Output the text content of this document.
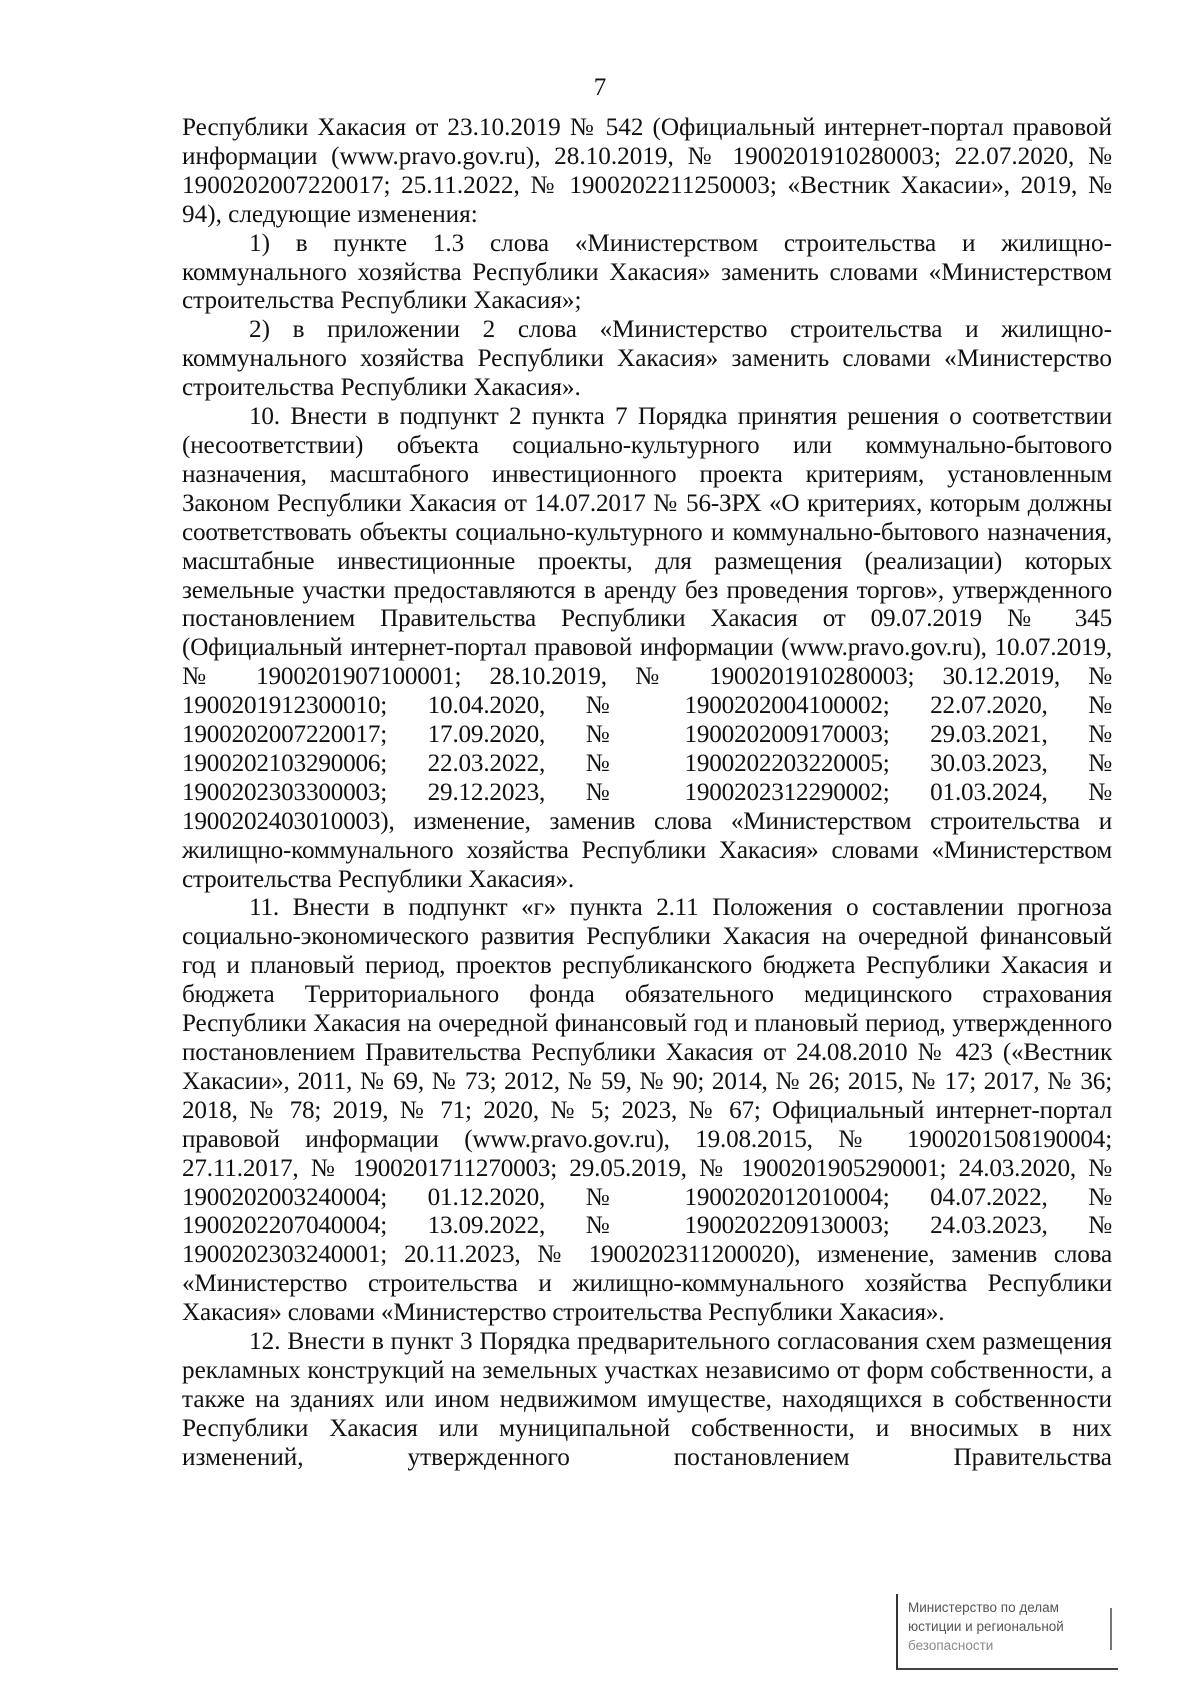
7

Республики Хакасия от 23.10.2019 № 542 (Официальный интернет-портал правовой информации (www.pravo.gov.ru), 28.10.2019, № 1900201910280003; 22.07.2020, № 1900202007220017; 25.11.2022, № 1900202211250003; «Вестник Хакасии», 2019, № 94), следующие изменения:

1) в пункте 1.3 слова «Министерством строительства и жилищно-коммунального хозяйства Республики Хакасия» заменить словами «Министерством строительства Республики Хакасия»;

2) в приложении 2 слова «Министерство строительства и жилищно-коммунального хозяйства Республики Хакасия» заменить словами «Министерство строительства Республики Хакасия».

10. Внести в подпункт 2 пункта 7 Порядка принятия решения о соответствии (несоответствии) объекта социально-культурного или коммунально-бытового назначения, масштабного инвестиционного проекта критериям, установленным Законом Республики Хакасия от 14.07.2017 № 56-ЗРХ «О критериях, которым должны соответствовать объекты социально-культурного и коммунально-бытового назначения, масштабные инвестиционные проекты, для размещения (реализации) которых земельные участки предоставляются в аренду без проведения торгов», утвержденного постановлением Правительства Республики Хакасия от 09.07.2019 № 345 (Официальный интернет-портал правовой информации (www.pravo.gov.ru), 10.07.2019, № 1900201907100001; 28.10.2019, № 1900201910280003; 30.12.2019, № 1900201912300010; 10.04.2020, № 1900202004100002; 22.07.2020, № 1900202007220017; 17.09.2020, № 1900202009170003; 29.03.2021, № 1900202103290006; 22.03.2022, № 1900202203220005; 30.03.2023, № 1900202303300003; 29.12.2023, № 1900202312290002; 01.03.2024, № 1900202403010003), изменение, заменив слова «Министерством строительства и жилищно-коммунального хозяйства Республики Хакасия» словами «Министерством строительства Республики Хакасия».

11. Внести в подпункт «г» пункта 2.11 Положения о составлении прогноза социально-экономического развития Республики Хакасия на очередной финансовый год и плановый период, проектов республиканского бюджета Республики Хакасия и бюджета Территориального фонда обязательного медицинского страхования Республики Хакасия на очередной финансовый год и плановый период, утвержденного постановлением Правительства Республики Хакасия от 24.08.2010 № 423 («Вестник Хакасии», 2011, № 69, № 73; 2012, № 59, № 90; 2014, № 26; 2015, № 17; 2017, № 36; 2018, № 78; 2019, № 71; 2020, № 5; 2023, № 67; Официальный интернет-портал правовой информации (www.pravo.gov.ru), 19.08.2015, № 1900201508190004; 27.11.2017, № 1900201711270003; 29.05.2019, № 1900201905290001; 24.03.2020, № 1900202003240004; 01.12.2020, № 1900202012010004; 04.07.2022, № 1900202207040004; 13.09.2022, № 1900202209130003; 24.03.2023, № 1900202303240001; 20.11.2023, № 1900202311200020), изменение, заменив слова «Министерство строительства и жилищно-коммунального хозяйства Республики Хакасия» словами «Министерство строительства Республики Хакасия».

12. Внести в пункт 3 Порядка предварительного согласования схем размещения рекламных конструкций на земельных участках независимо от форм собственности, а также на зданиях или ином недвижимом имуществе, находящихся в собственности Республики Хакасия или муниципальной собственности, и вносимых в них изменений, утвержденного постановлением Правительства

Министерство по делам
юстиции и региональной
безопасности
